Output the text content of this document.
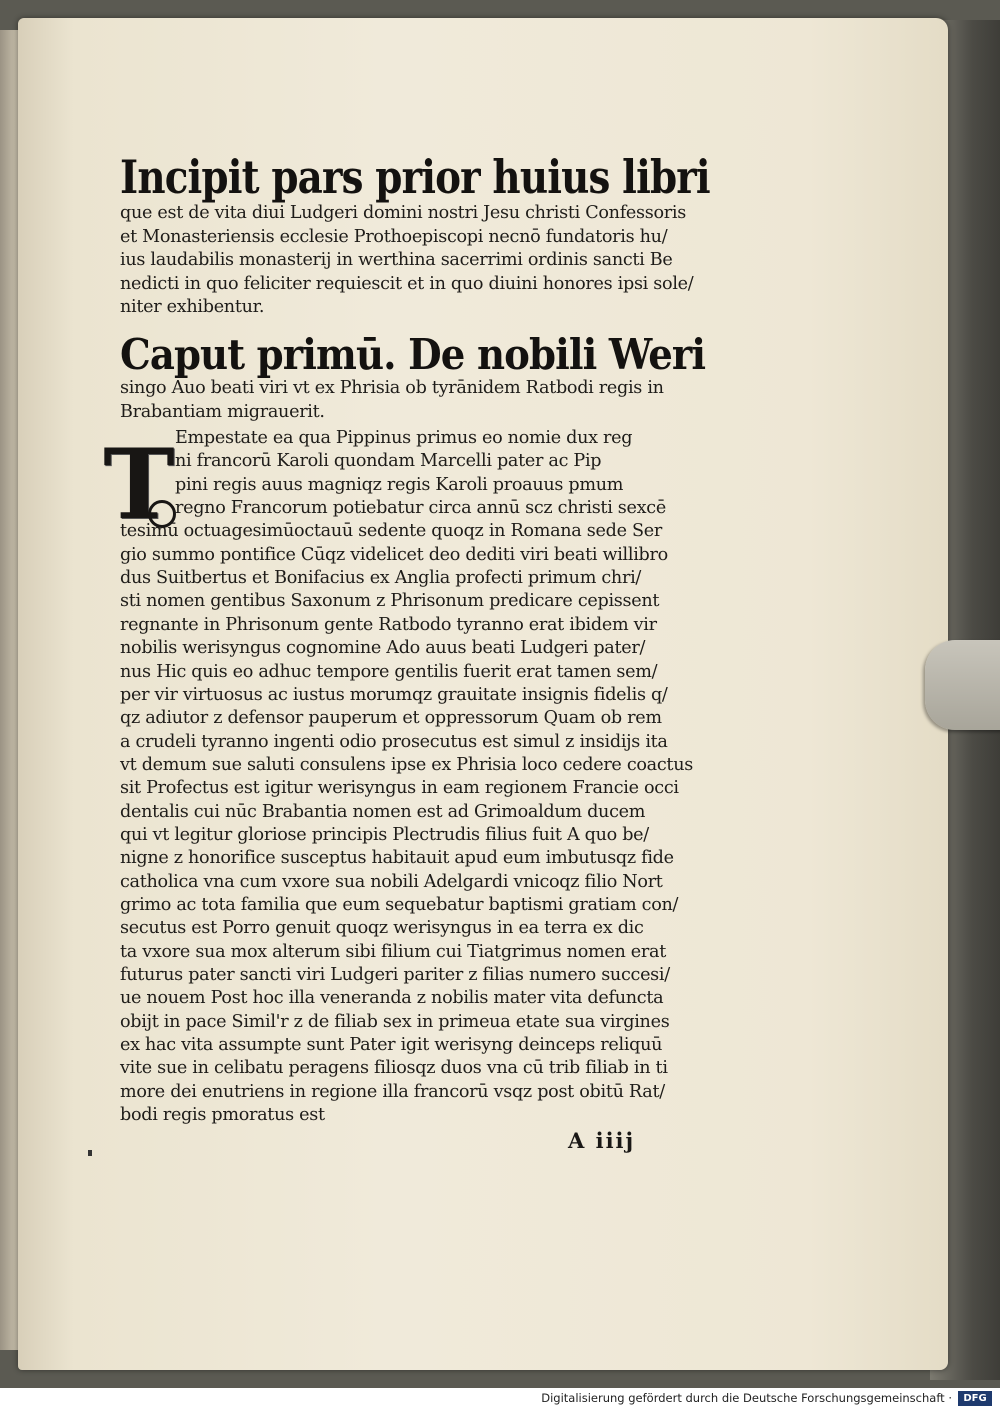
Incipit pars prior huius libri
que est de vita diui Ludgeri domini nostri Jesu christi Confessoris
et Monasteriensis ecclesie Prothoepiscopi necnō fundatoris hu/
ius laudabilis monasterij in werthina sacerrimi ordinis sancti Be
nedicti in quo feliciter requiescit et in quo diuini honores ipsi sole/
niter exhibentur.
Caput primū. De nobili Weri
singo Auo beati viri vt ex Phrisia ob tyrānidem Ratbodi regis in
Brabantiam migrauerit.
T Empestate ea qua Pippinus primus eo nomie dux reg
ni francorū Karoli quondam Marcelli pater ac Pip
pini regis auus magniqz regis Karoli proauus pmum
regno Francorum potiebatur circa annū scz christi sexcē
tesimū octuagesimūoctauū sedente quoqz in Romana sede Ser
gio summo pontifice Cūqz videlicet deo dediti viri beati willibro
dus Suitbertus et Bonifacius ex Anglia profecti primum chri/
sti nomen gentibus Saxonum z Phrisonum predicare cepissent
regnante in Phrisonum gente Ratbodo tyranno erat ibidem vir
nobilis werisyngus cognomine Ado auus beati Ludgeri pater/
nus Hic quis eo adhuc tempore gentilis fuerit erat tamen sem/
per vir virtuosus ac iustus morumqz grauitate insignis fidelis q/
qz adiutor z defensor pauperum et oppressorum Quam ob rem
a crudeli tyranno ingenti odio prosecutus est simul z insidijs ita
vt demum sue saluti consulens ipse ex Phrisia loco cedere coactus
sit Profectus est igitur werisyngus in eam regionem Francie occi
dentalis cui nūc Brabantia nomen est ad Grimoaldum ducem
qui vt legitur gloriose principis Plectrudis filius fuit A quo be/
nigne z honorifice susceptus habitauit apud eum imbutusqz fide
catholica vna cum vxore sua nobili Adelgardi vnicoqz filio Nort
grimo ac tota familia que eum sequebatur baptismi gratiam con/
secutus est Porro genuit quoqz werisyngus in ea terra ex dic
ta vxore sua mox alterum sibi filium cui Tiatgrimus nomen erat
futurus pater sancti viri Ludgeri pariter z filias numero succesi/
ue nouem Post hoc illa veneranda z nobilis mater vita defuncta
obijt in pace Simil'r z de filiab sex in primeua etate sua virgines
ex hac vita assumpte sunt Pater igit werisyng deinceps reliquū
vite sue in celibatu peragens filiosqz duos vna cū trib filiab in ti
more dei enutriens in regione illa francorū vsqz post obitū Rat/
bodi regis pmoratus est
A iiij
Digitalisierung gefördert durch die Deutsche Forschungsgemeinschaft ·	DFG
